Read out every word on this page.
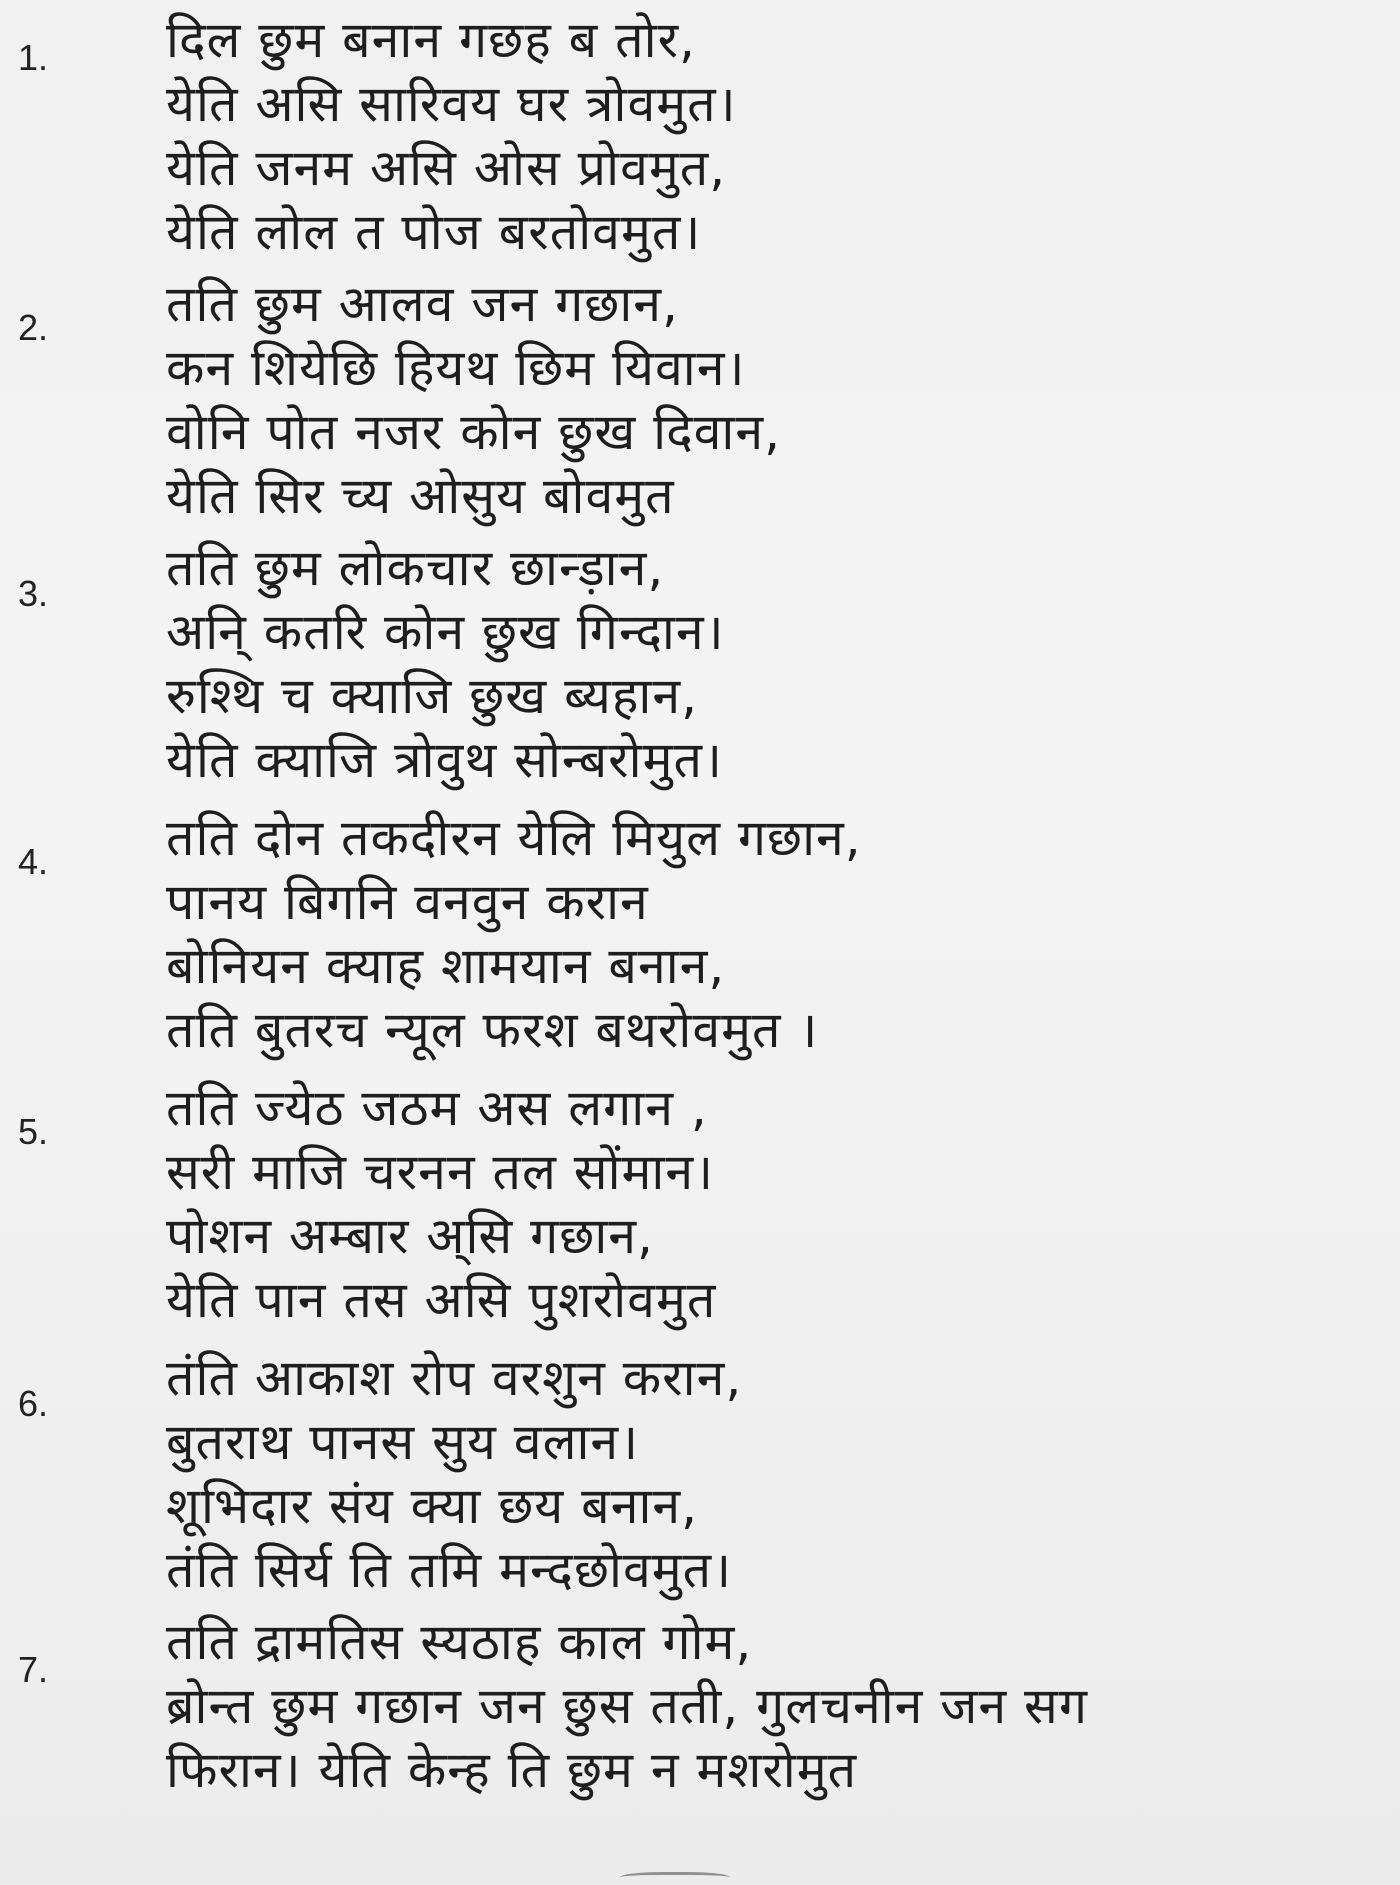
1. दिल छुम बनान गछह ब तोर,
येति असि सारिवय घर त्रोवमुत।
येति जनम असि ओस प्रोवमुत,
येति लोल त पोज बरतोवमुत।
2. तति छुम आलव जन गछान,
कन शियेछि हियथ छिम यिवान।
वोनि पोत नजर कोन छुख दिवान,
येति सिर च्य ओसुय बोवमुत
3. तति छुम लोकचार छान्ड़ान,
अनि् कतरि कोन छुख गिन्दान।
रुश्थि च क्याजि छुख ब्यहान,
येति क्याजि त्रोवुथ सोन्बरोमुत।
4. तति दोन तकदीरन येलि मियुल गछान,
पानय बिगनि वनवुन करान
बोनियन क्याह शामयान बनान,
तति बुतरच न्यूल फरश बथरोवमुत ।
5. तति ज्येठ जठम अस लगान ,
सरी माजि चरनन तल सोंमान।
पोशन अम्बार अ्सि गछान,
येति पान तस असि पुशरोवमुत
6. तंति आकाश रोप वरशुन करान,
बुतराथ पानस सुय वलान।
शूभिदार संय क्या छय बनान,
तंति सिर्य ति तमि मन्दछोवमुत।
7. तति द्रामतिस स्यठाह काल गोम,
ब्रोन्त छुम गछान जन छुस तती, गुलचनीन जन सग
फिरान। येति केन्ह ति छुम न मशरोमुत
